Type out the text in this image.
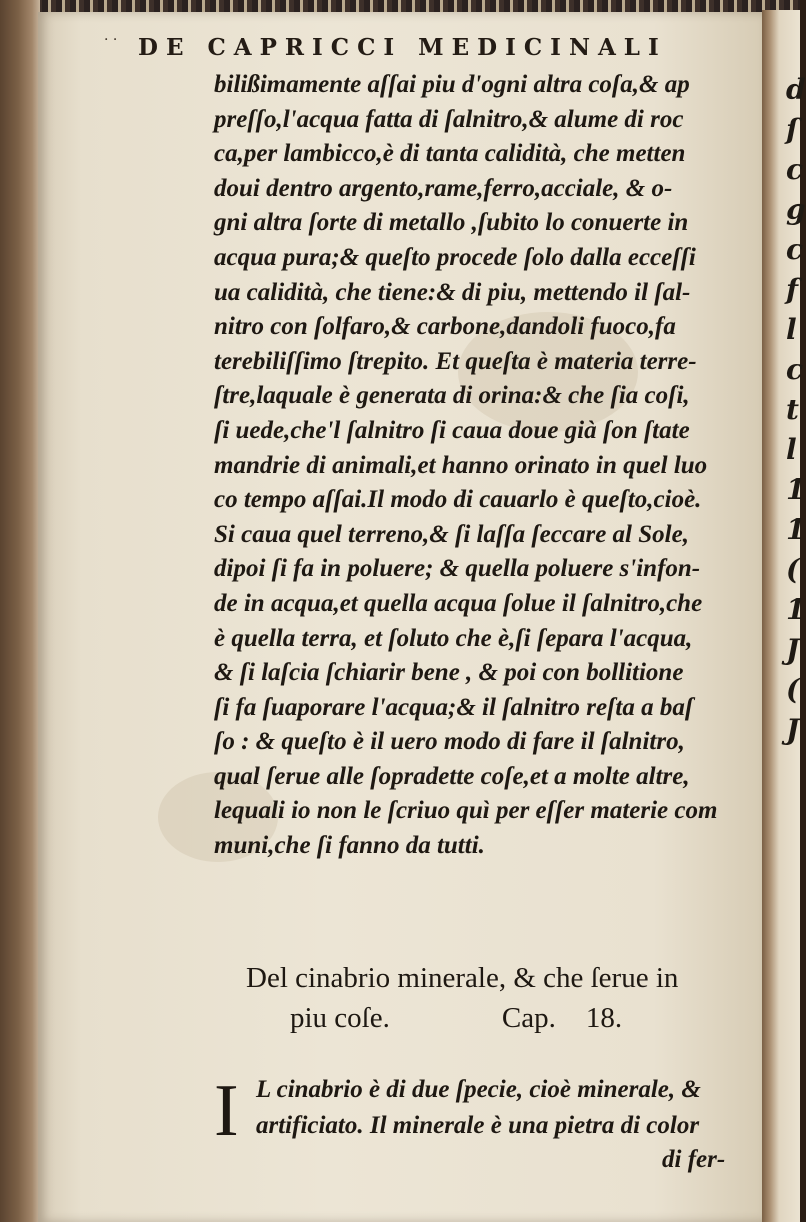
d
ſ
c
g
c
f
l
c
t
l
1
1
(
1
J
(
J
· · DE CAPRICCI MEDICINALI
bilißimamente aſſai piu d'ogni altra coſa,& ap
preſſo,l'acqua fatta di ſalnitro,& alume di roc
ca,per lambicco,è di tanta calidità, che metten
doui dentro argento,rame,ferro,acciale, & o-
gni altra ſorte di metallo ,ſubito lo conuerte in
acqua pura;& queſto procede ſolo dalla ecceſſi
ua calidità, che tiene:& di piu, mettendo il ſal-
nitro con ſolfaro,& carbone,dandoli fuoco,fa
terebiliſſimo ſtrepito. Et queſta è materia terre-
ſtre,laquale è generata di orina:& che ſia coſi,
ſi uede,che'l ſalnitro ſi caua doue già ſon ſtate
mandrie di animali,et hanno orinato in quel luo
co tempo aſſai.Il modo di cauarlo è queſto,cioè.
Si caua quel terreno,& ſi laſſa ſeccare al Sole,
dipoi ſi fa in poluere; & quella poluere s'infon-
de in acqua,et quella acqua ſolue il ſalnitro,che
è quella terra, et ſoluto che è,ſi ſepara l'acqua,
& ſi laſcia ſchiarir bene , & poi con bollitione
ſi fa ſuaporare l'acqua;& il ſalnitro reſta a baſ
ſo : & queſto è il uero modo di fare il ſalnitro,
qual ſerue alle ſopradette coſe,et a molte altre,
lequali io non le ſcriuo quì per eſſer materie com
muni,che ſi fanno da tutti.
Del cinabrio minerale, & che ſerue in
piu coſe.	Cap. 18.
I L cinabrio è di due ſpecie, cioè minerale, &
artificiato. Il minerale è una pietra di color
di fer-
